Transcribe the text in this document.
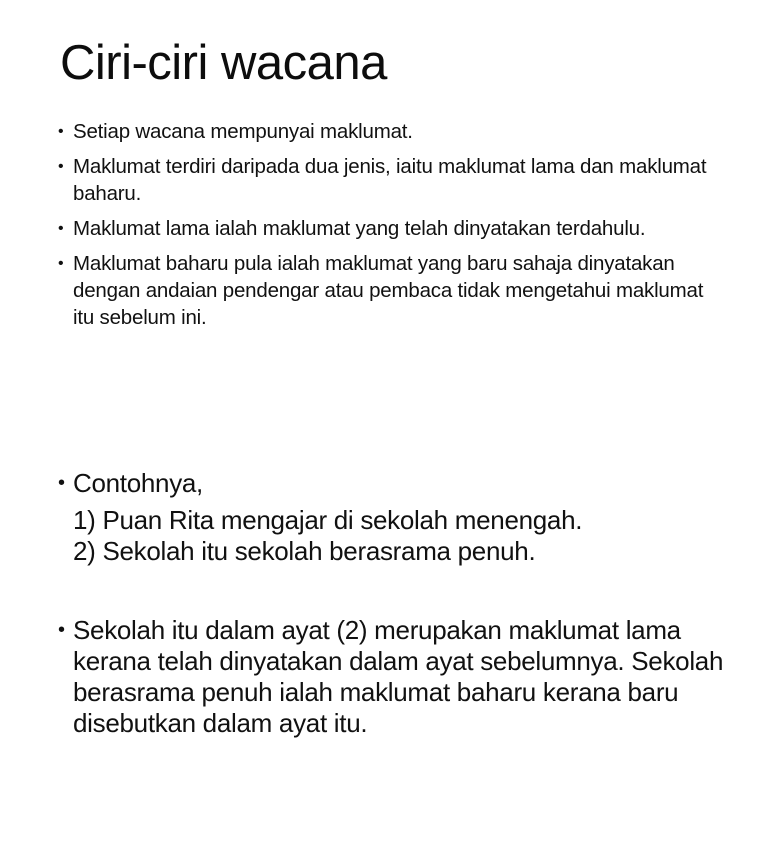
Ciri-ciri wacana
• Setiap wacana mempunyai maklumat.
• Maklumat terdiri daripada dua jenis, iaitu maklumat lama dan maklumat baharu.
• Maklumat lama ialah maklumat yang telah dinyatakan terdahulu.
• Maklumat baharu pula ialah maklumat yang baru sahaja dinyatakan dengan andaian pendengar atau pembaca tidak mengetahui maklumat itu sebelum ini.
• Contohnya,
1) Puan Rita mengajar di sekolah menengah.
2) Sekolah itu sekolah berasrama penuh.
• Sekolah itu dalam ayat (2) merupakan maklumat lama kerana telah dinyatakan dalam ayat sebelumnya. Sekolah berasrama penuh ialah maklumat baharu kerana baru disebutkan dalam ayat itu.
